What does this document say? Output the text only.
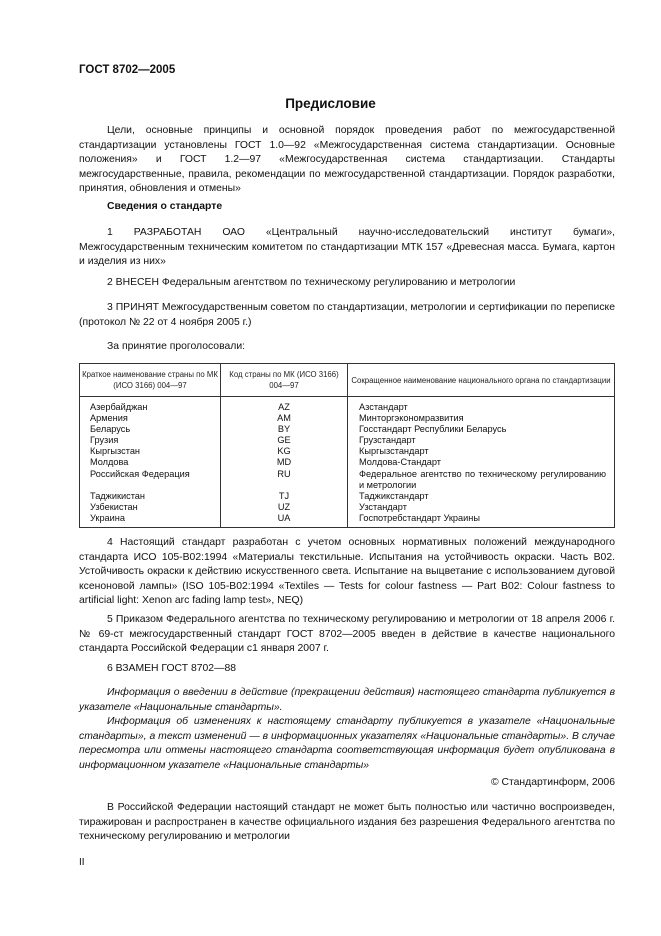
ГОСТ 8702—2005
Предисловие

Цели, основные принципы и основной порядок проведения работ по межгосударственной стандартизации установлены ГОСТ 1.0—92 «Межгосударственная система стандартизации. Основные положения» и ГОСТ 1.2—97 «Межгосударственная система стандартизации. Стандарты межгосударственные, правила, рекомендации по межгосударственной стандартизации. Порядок разработки, принятия, обновления и отмены»

Сведения о стандарте

1 РАЗРАБОТАН ОАО «Центральный научно-исследовательский институт бумаги», Межгосударственным техническим комитетом по стандартизации МТК 157 «Древесная масса. Бумага, картон и изделия из них»

2 ВНЕСЕН Федеральным агентством по техническому регулированию и метрологии

3 ПРИНЯТ Межгосударственным советом по стандартизации, метрологии и сертификации по переписке (протокол № 22 от 4 ноября 2005 г.)

За принятие проголосовали:

Краткое наименование страны по МК (ИСО 3166) 004—97	Код страны по МК (ИСО 3166) 004—97	Сокращенное наименование национального органа по стандартизации
Азербайджан	AZ	Азстандарт
Армения	AM	Минторгэкономразвития
Беларусь	BY	Госстандарт Республики Беларусь
Грузия	GE	Грузстандарт
Кыргызстан	KG	Кыргызстандарт
Молдова	MD	Молдова-Стандарт
Российская Федерация	RU	Федеральное агентство по техническому регулированию и метрологии
Таджикистан	TJ	Таджикстандарт
Узбекистан	UZ	Узстандарт
Украина	UA	Госпотребстандарт Украины

4 Настоящий стандарт разработан с учетом основных нормативных положений международного стандарта ИСО 105-B02:1994 «Материалы текстильные. Испытания на устойчивость окраски. Часть B02. Устойчивость окраски к действию искусственного света. Испытание на выцветание с использованием дуговой ксеноновой лампы» (ISO 105-B02:1994 «Textiles — Tests for colour fastness — Part B02: Colour fastness to artificial light: Xenon arc fading lamp test», NEQ)

5 Приказом Федерального агентства по техническому регулированию и метрологии от 18 апреля 2006 г. № 69-ст межгосударственный стандарт ГОСТ 8702—2005 введен в действие в качестве национального стандарта Российской Федерации с1 января 2007 г.

6 ВЗАМЕН ГОСТ 8702—88

Информация о введении в действие (прекращении действия) настоящего стандарта публикуется в указателе «Национальные стандарты».

Информация об изменениях к настоящему стандарту публикуется в указателе «Национальные стандарты», а текст изменений — в информационных указателях «Национальные стандарты». В случае пересмотра или отмены настоящего стандарта соответствующая информация будет опубликована в информационном указателе «Национальные стандарты»

© Стандартинформ, 2006

В Российской Федерации настоящий стандарт не может быть полностью или частично воспроизведен, тиражирован и распространен в качестве официального издания без разрешения Федерального агентства по техническому регулированию и метрологии

II
